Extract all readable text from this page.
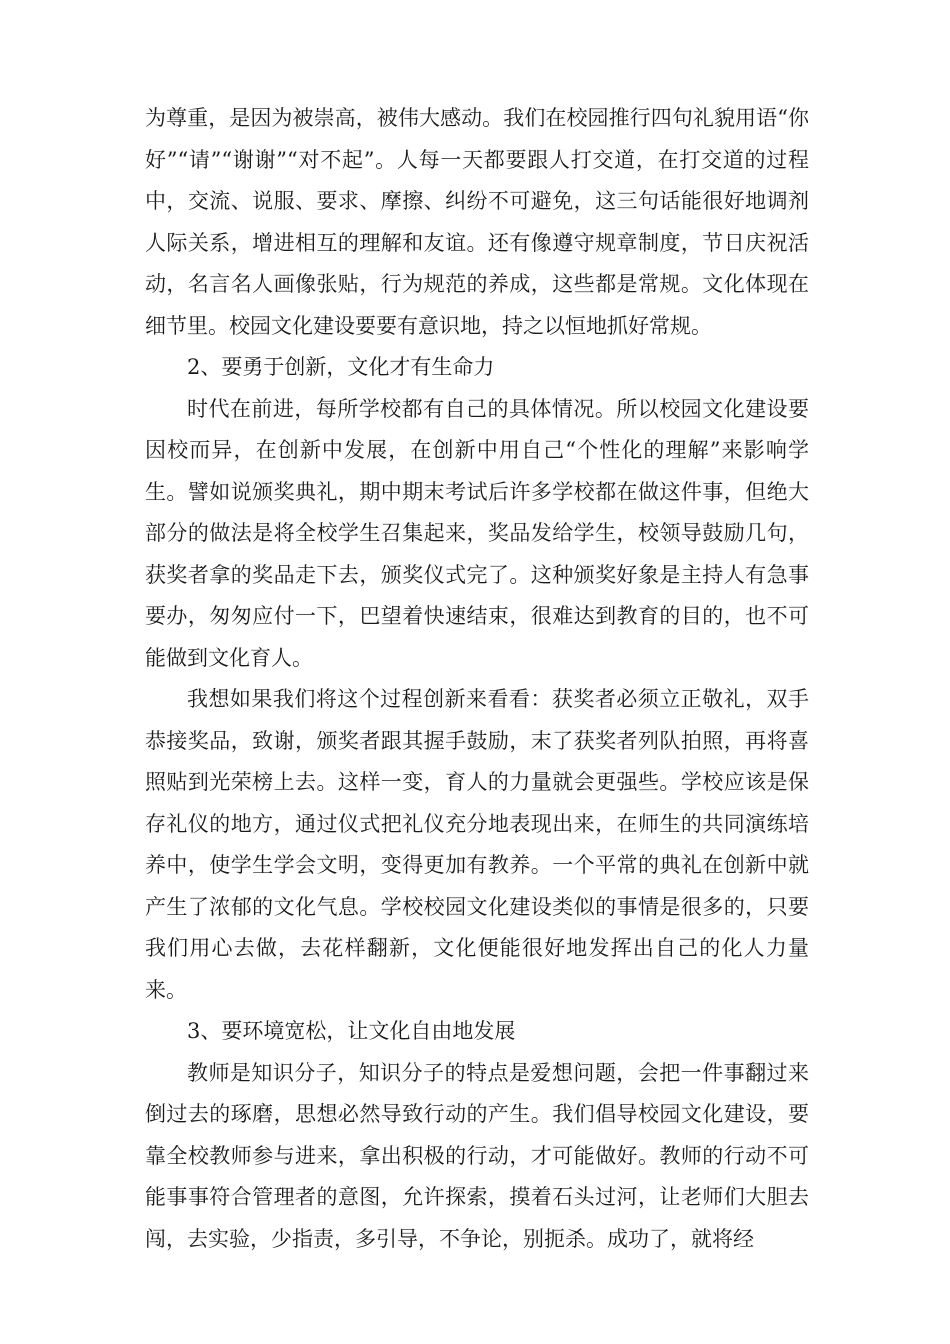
为尊重，是因为被崇高，被伟大感动。我们在校园推行四句礼貌用语“你好”“请”“谢谢”“对不起”。人每一天都要跟人打交道，在打交道的过程中，交流、说服、要求、摩擦、纠纷不可避免，这三句话能很好地调剂人际关系，增进相互的理解和友谊。还有像遵守规章制度，节日庆祝活动，名言名人画像张贴，行为规范的养成，这些都是常规。文化体现在细节里。校园文化建设要要有意识地，持之以恒地抓好常规。

2、要勇于创新，文化才有生命力

时代在前进，每所学校都有自己的具体情况。所以校园文化建设要因校而异，在创新中发展，在创新中用自己“个性化的理解”来影响学生。譬如说颁奖典礼，期中期末考试后许多学校都在做这件事，但绝大部分的做法是将全校学生召集起来，奖品发给学生，校领导鼓励几句，获奖者拿的奖品走下去，颁奖仪式完了。这种颁奖好象是主持人有急事要办，匆匆应付一下，巴望着快速结束，很难达到教育的目的，也不可能做到文化育人。

我想如果我们将这个过程创新来看看：获奖者必须立正敬礼，双手恭接奖品，致谢，颁奖者跟其握手鼓励，末了获奖者列队拍照，再将喜照贴到光荣榜上去。这样一变，育人的力量就会更强些。学校应该是保存礼仪的地方，通过仪式把礼仪充分地表现出来，在师生的共同演练培养中，使学生学会文明，变得更加有教养。一个平常的典礼在创新中就产生了浓郁的文化气息。学校校园文化建设类似的事情是很多的，只要我们用心去做，去花样翻新，文化便能很好地发挥出自己的化人力量来。

3、要环境宽松，让文化自由地发展

教师是知识分子，知识分子的特点是爱想问题，会把一件事翻过来倒过去的琢磨，思想必然导致行动的产生。我们倡导校园文化建设，要靠全校教师参与进来，拿出积极的行动，才可能做好。教师的行动不可能事事符合管理者的意图，允许探索，摸着石头过河，让老师们大胆去闯，去实验，少指责，多引导，不争论，别扼杀。成功了，就将经
